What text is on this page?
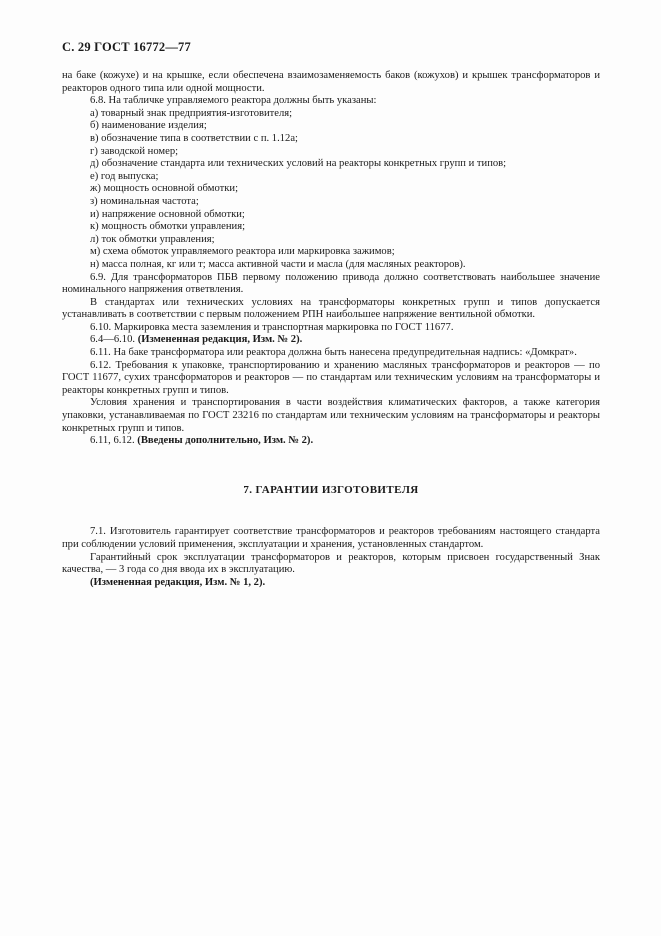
С. 29 ГОСТ 16772—77

на баке (кожухе) и на крышке, если обеспечена взаимозаменяемость баков (кожухов) и крышек трансформаторов и реакторов одного типа или одной мощности.

6.8. На табличке управляемого реактора должны быть указаны:

а) товарный знак предприятия-изготовителя;

б) наименование изделия;

в) обозначение типа в соответствии с п. 1.12а;

г) заводской номер;

д) обозначение стандарта или технических условий на реакторы конкретных групп и типов;

е) год выпуска;

ж) мощность основной обмотки;

з) номинальная частота;

и) напряжение основной обмотки;

к) мощность обмотки управления;

л) ток обмотки управления;

м) схема обмоток управляемого реактора или маркировка зажимов;

н) масса полная, кг или т; масса активной части и масла (для масляных реакторов).

6.9. Для трансформаторов ПБВ первому положению привода должно соответствовать наибольшее значение номинального напряжения ответвления.

В стандартах или технических условиях на трансформаторы конкретных групп и типов допускается устанавливать в соответствии с первым положением РПН наибольшее напряжение вентильной обмотки.

6.10. Маркировка места заземления и транспортная маркировка по ГОСТ 11677.

6.4—6.10. (Измененная редакция, Изм. № 2).

6.11. На баке трансформатора или реактора должна быть нанесена предупредительная надпись: «Домкрат».

6.12. Требования к упаковке, транспортированию и хранению масляных трансформаторов и реакторов — по ГОСТ 11677, сухих трансформаторов и реакторов — по стандартам или техническим условиям на трансформаторы и реакторы конкретных групп и типов.

Условия хранения и транспортирования в части воздействия климатических факторов, а также категория упаковки, устанавливаемая по ГОСТ 23216 по стандартам или техническим условиям на трансформаторы и реакторы конкретных групп и типов.

6.11, 6.12. (Введены дополнительно, Изм. № 2).

7. ГАРАНТИИ ИЗГОТОВИТЕЛЯ

7.1. Изготовитель гарантирует соответствие трансформаторов и реакторов требованиям настоящего стандарта при соблюдении условий применения, эксплуатации и хранения, установленных стандартом.

Гарантийный срок эксплуатации трансформаторов и реакторов, которым присвоен государственный Знак качества, — 3 года со дня ввода их в эксплуатацию.

(Измененная редакция, Изм. № 1, 2).
